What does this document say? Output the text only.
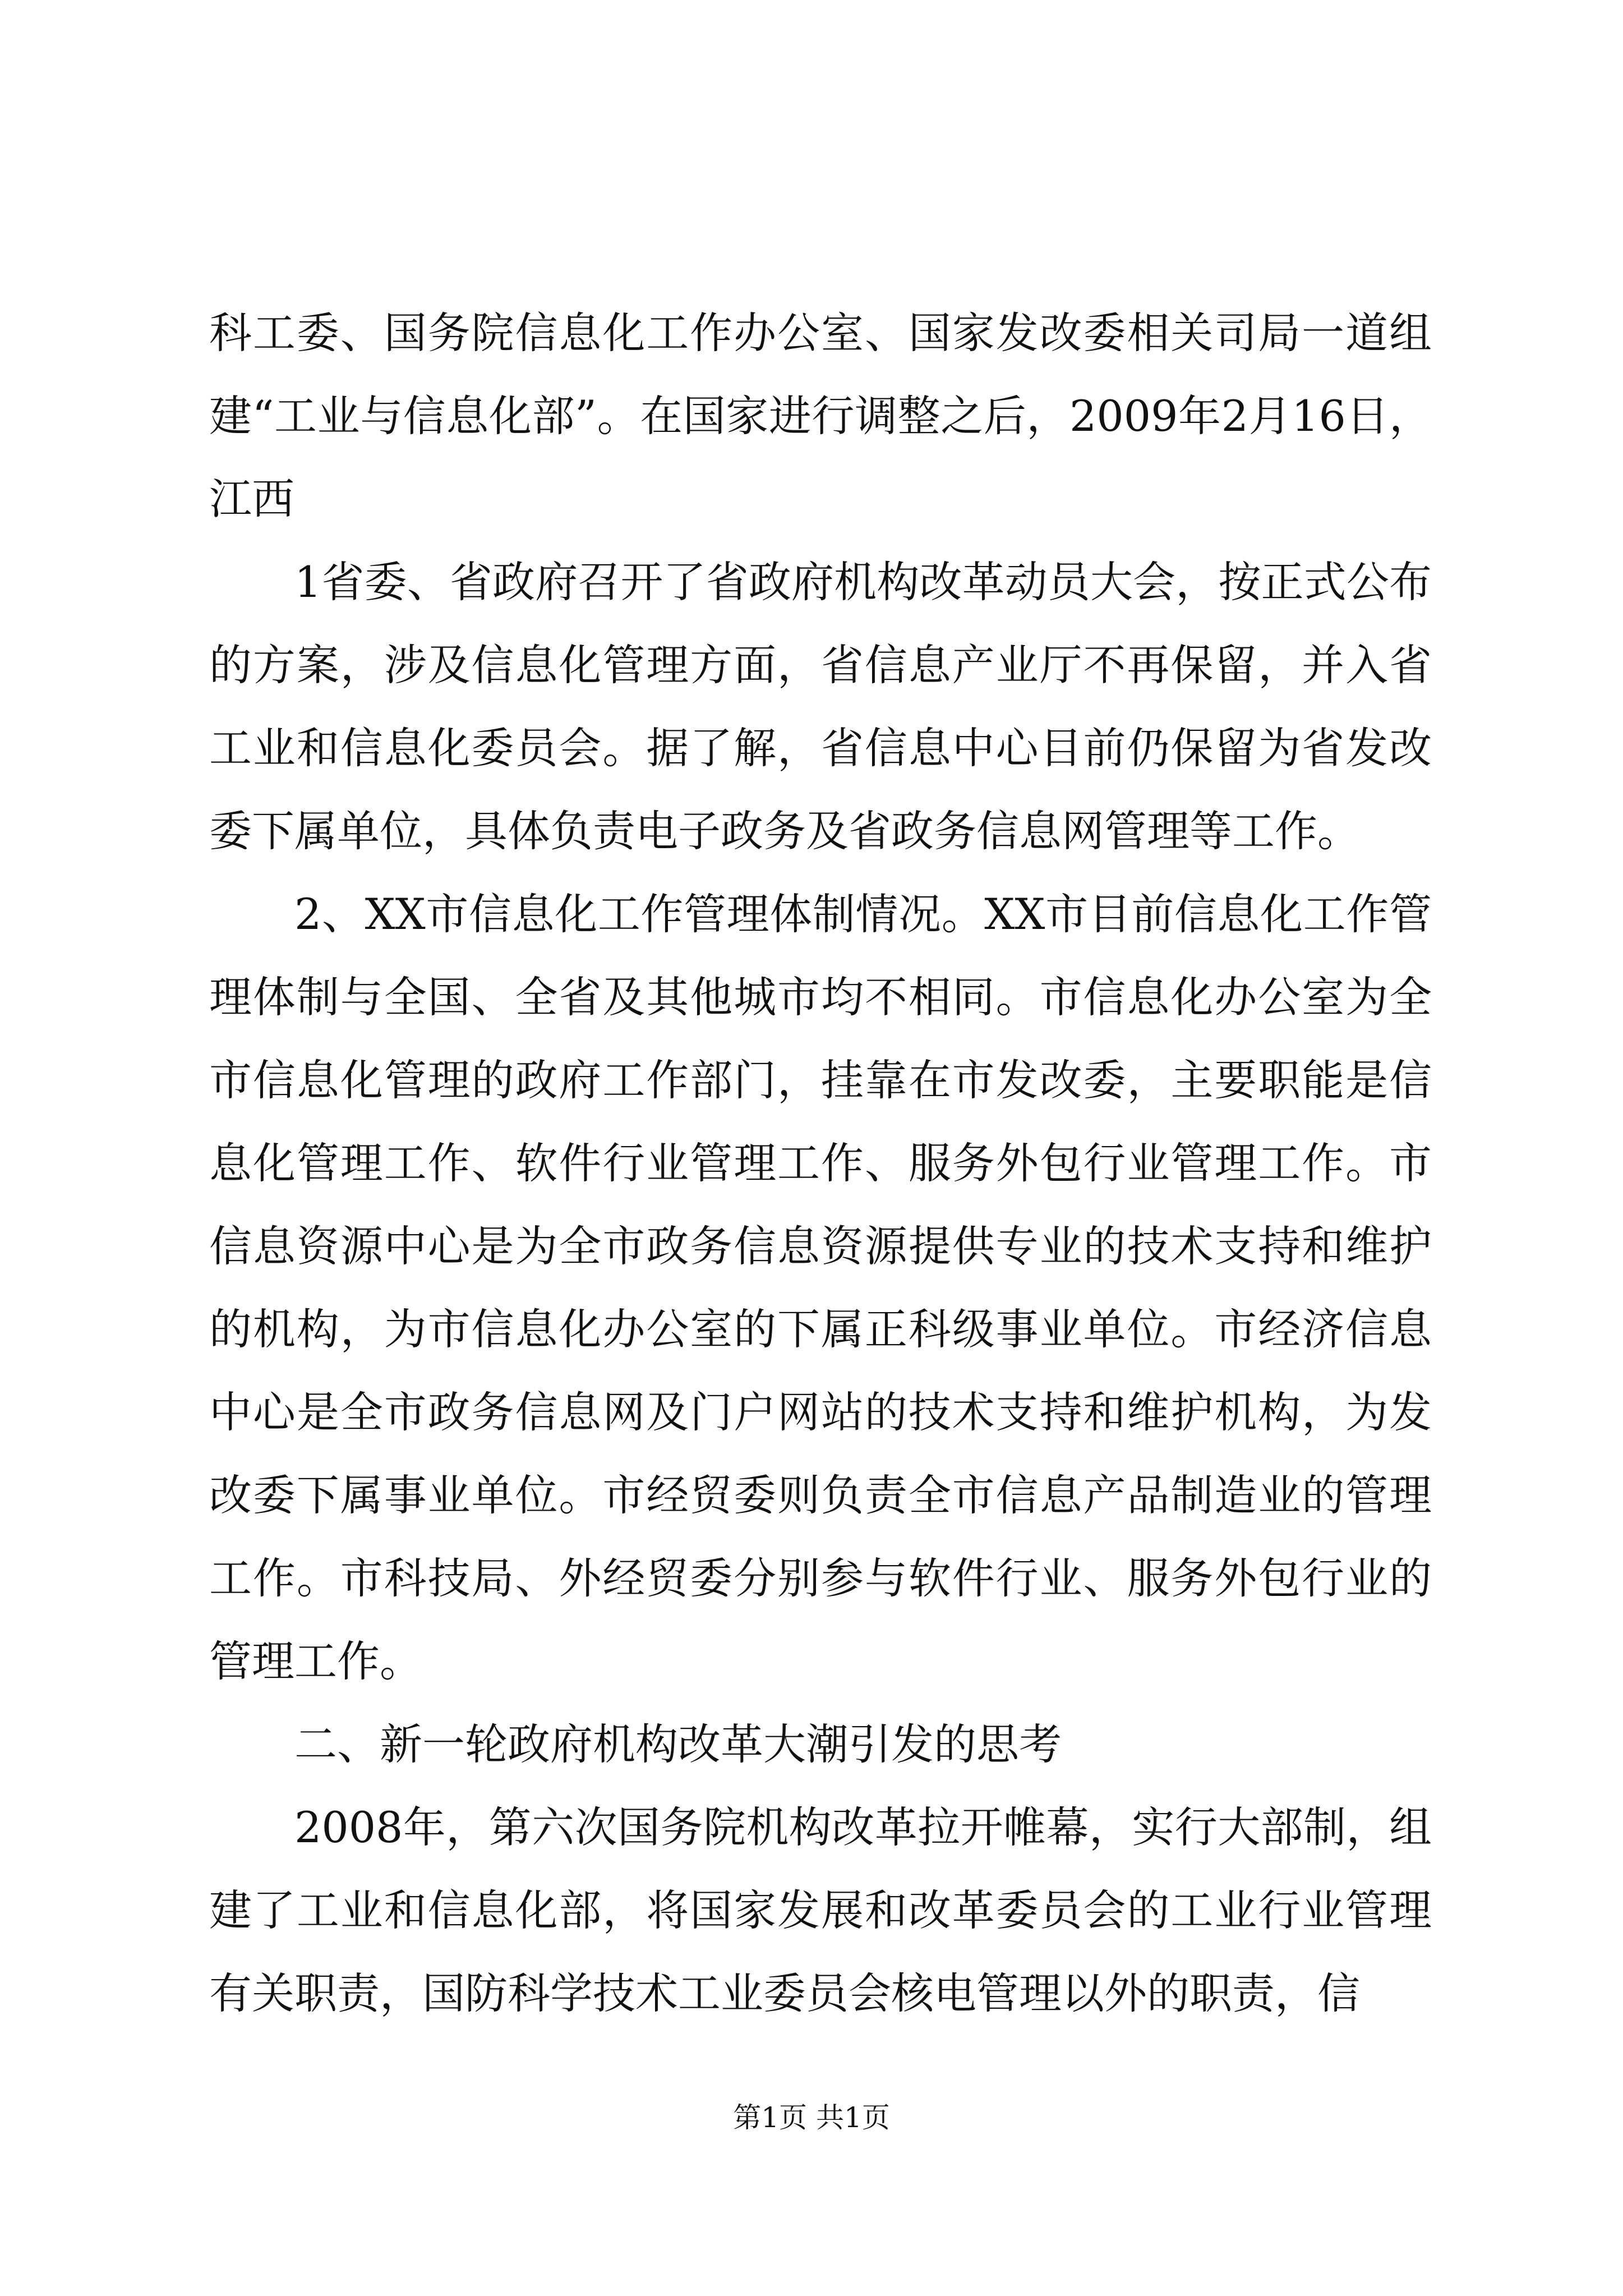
科工委、国务院信息化工作办公室、国家发改委相关司局一道组建“工业与信息化部”。在国家进行调整之后，2009年2月16日，江西

1省委、省政府召开了省政府机构改革动员大会，按正式公布的方案，涉及信息化管理方面，省信息产业厅不再保留，并入省工业和信息化委员会。据了解，省信息中心目前仍保留为省发改委下属单位，具体负责电子政务及省政务信息网管理等工作。

2、XX市信息化工作管理体制情况。XX市目前信息化工作管理体制与全国、全省及其他城市均不相同。市信息化办公室为全市信息化管理的政府工作部门，挂靠在市发改委，主要职能是信息化管理工作、软件行业管理工作、服务外包行业管理工作。市信息资源中心是为全市政务信息资源提供专业的技术支持和维护的机构，为市信息化办公室的下属正科级事业单位。市经济信息中心是全市政务信息网及门户网站的技术支持和维护机构，为发改委下属事业单位。市经贸委则负责全市信息产品制造业的管理工作。市科技局、外经贸委分别参与软件行业、服务外包行业的管理工作。

二、新一轮政府机构改革大潮引发的思考

2008年，第六次国务院机构改革拉开帷幕，实行大部制，组建了工业和信息化部，将国家发展和改革委员会的工业行业管理有关职责，国防科学技术工业委员会核电管理以外的职责，信

第1页 共1页
